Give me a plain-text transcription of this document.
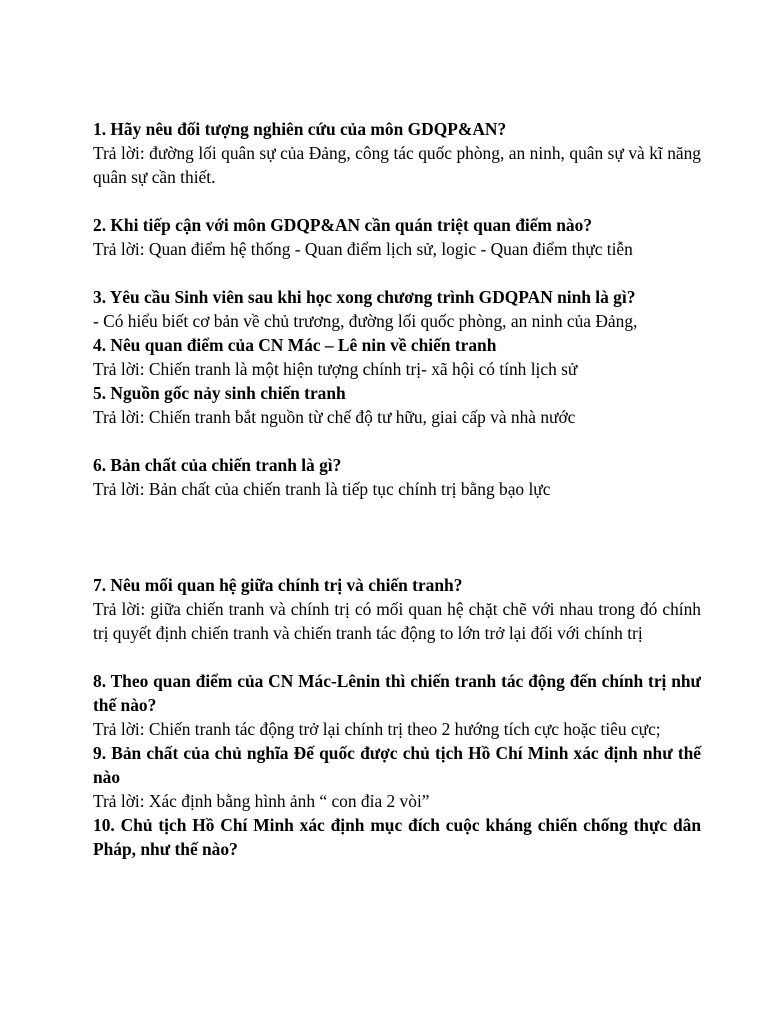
1. Hãy nêu đối tượng nghiên cứu của môn GDQP&AN?

Trả lời: đường lối quân sự của Đảng, công tác quốc phòng, an ninh, quân sự và kĩ năng quân sự cần thiết.

2. Khi tiếp cận với môn GDQP&AN cần quán triệt quan điểm nào?

Trả lời: Quan điểm hệ thống - Quan điểm lịch sử, logic - Quan điểm thực tiễn

3. Yêu cầu Sinh viên sau khi học xong chương trình GDQPAN ninh là gì?

- Có hiểu biết cơ bản về chủ trương, đường lối quốc phòng, an ninh của Đảng,

4. Nêu quan điểm của CN Mác – Lê nin về chiến tranh

Trả lời: Chiến tranh là một hiện tượng chính trị- xã hội có tính lịch sử

5. Nguồn gốc nảy sinh chiến tranh

Trả lời: Chiến tranh bắt nguồn từ chế độ tư hữu, giai cấp và nhà nước

6. Bản chất của chiến tranh là gì?

Trả lời: Bản chất của chiến tranh là tiếp tục chính trị bằng bạo lực

7. Nêu mối quan hệ giữa chính trị và chiến tranh?

Trả lời: giữa chiến tranh và chính trị có mối quan hệ chặt chẽ với nhau trong đó chính trị quyết định chiến tranh và chiến tranh tác động to lớn trở lại đối với chính trị

8. Theo quan điểm của CN Mác-Lênin thì chiến tranh tác động đến chính trị như thế nào?

Trả lời: Chiến tranh tác động trở lại chính trị theo 2 hướng tích cực hoặc tiêu cực;

9. Bản chất của chủ nghĩa Đế quốc được chủ tịch Hồ Chí Minh xác định như thế nào

Trả lời: Xác định bằng hình ảnh “ con đỉa 2 vòi”

10. Chủ tịch Hồ Chí Minh xác định mục đích cuộc kháng chiến chống thực dân Pháp, như thế nào?
